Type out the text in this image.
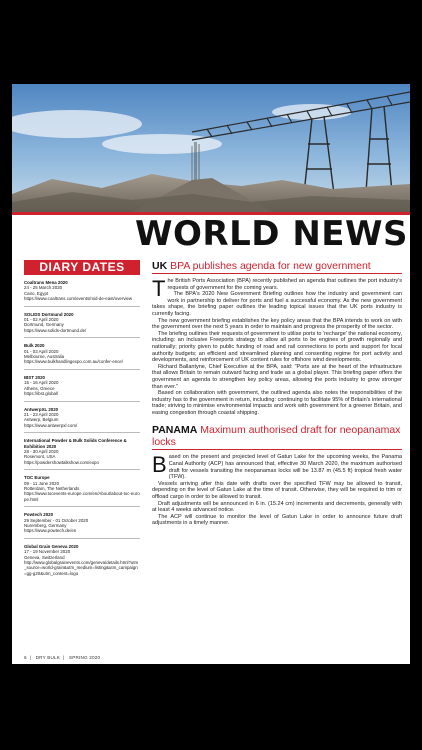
WORLD NEWS
DIARY DATES
Coaltrans Mena 2020
24 - 25 March 2020
Cairo, Egypt
https://www.coaltrans.com/events/mid-de-east/overview
SOLIDS Dortmund 2020
01 - 02 April 2020
Dortmund, Germany
https://www.solids-dortmund.de/
Bulk 2020
01 - 03 April 2020
Melbourne, Australia
https://www.bulkhandlingexpo.com.au/confer-ence/
IBST 2020
15 - 16 April 2020
Athens, Greece
https://ibst.global/
AntwerpXL 2020
21 - 23 April 2020
Antwerp, Belgium
https://www.antwerpxl.com/
International Powder & Bulk Solids Conference & Exhibition 2020
28 - 30 April 2020
Rosemont, USA
https://powdershowtalkshow.com/expo
TOC Europe
09 - 11 June 2020
Rotterdam, The Netherlands
https://www.tocevents-europe.com/en/About/about-toc-europe.html
Powtech 2020
29 September - 01 October 2020
Nuremberg, Germany
https://www.powtech.de/en
Global Grain Geneva 2020
17 - 19 November 2020
Geneva, Switzerland
http://www.globalgrainevents.com/geneva/details.html?utm_source=world-grain&utm_medium=listing&utm_campaign=gg-g20&utm_content=logo
UK BPA publishes agenda for new government

The British Ports Association (BPA) recently published an agenda that outlines the port industry's requests of government for the coming years.

The BPA's 2020 New Government Briefing outlines how the industry and government can work in partnership to deliver for ports and fuel a successful economy. As the new government takes shape, the briefing paper outlines the leading topical issues that the UK ports industry is currently facing.

The new government briefing establishes the key policy areas that the BPA intends to work on with the government over the next 5 years in order to maintain and progress the prosperity of the sector.

The briefing outlines their requests of government to utilise ports to 'recharge' the national economy, including: an inclusive Freeports strategy to allow all ports to be engines of growth regionally and nationally; priority given to public funding of road and rail connections to ports and support for local authority budgets; an efficient and streamlined planning and consenting regime for port activity and developments, and reinforcement of UK content rules for offshore wind developments.

Richard Ballantyne, Chief Executive at the BPA, said: "Ports are at the heart of the infrastructure that allows Britain to remain outward facing and trade as a global player. This briefing paper offers the government an agenda to strengthen key policy areas, allowing the ports industry to grow stronger than ever."

Based on collaboration with government, the outlined agenda also notes the responsibilities of the industry has to the government in return, including: continuing to facilitate 95% of Britain's international trade; striving to minimise environmental impacts and work with government for a greener Britain, and easing congestion through coastal shipping.

PANAMA Maximum authorised draft for neopanamax locks

Based on the present and projected level of Gatun Lake for the upcoming weeks, the Panama Canal Authority (ACP) has announced that, effective 30 March 2020, the maximum authorised draft for vessels transiting the neopanamax locks will be 13.87 m (45.5 ft) tropical fresh water (TFW).

Vessels arriving after this date with drafts over the specified TFW may be allowed to transit, depending on the level of Gatun Lake at the time of transit. Otherwise, they will be required to trim or offload cargo in order to be allowed to transit.

Draft adjustments will be announced in 6 in. (15.24 cm) increments and decrements, generally with at least 4 weeks advanced notice.

The ACP will continue to monitor the level of Gatun Lake in order to announce future draft adjustments in a timely manner.

6 | DRY BULK | SPRING 2020
